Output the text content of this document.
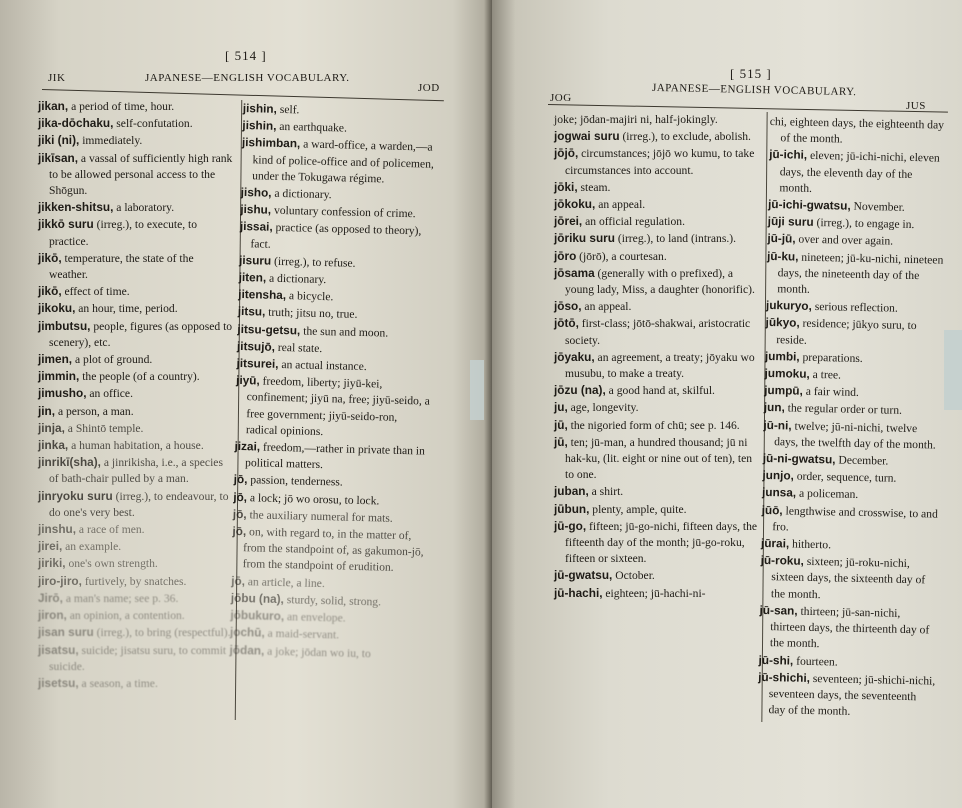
[ 514 ]
JIK	JAPANESE—ENGLISH VOCABULARY.
JOD

jikan, a period of time, hour.

jika-dōchaku, self-confutation.

jiki (ni), immediately.

jikīsan, a vassal of sufficiently high rank to be allowed personal access to the Shōgun.

jikken-shitsu, a laboratory.

jikkō suru (irreg.), to execute, to practice.

jikō, temperature, the state of the weather.

jikō, effect of time.

jikoku, an hour, time, period.

jimbutsu, people, figures (as opposed to scenery), etc.

jimen, a plot of ground.

jimmin, the people (of a country).

jimusho, an office.

jin, a person, a man.

jinja, a Shintō temple.

jinka, a human habitation, a house.

jinrikī(sha), a jinrikisha, i.e., a species of bath-chair pulled by a man.

jinryoku suru (irreg.), to endeavour, to do one's very best.

jinshu, a race of men.

jirei, an example.

jiriki, one's own strength.

jiro-jiro, furtively, by snatches.

Jirō, a man's name; see p. 36.

jiron, an opinion, a contention.

jisan suru (irreg.), to bring (respectful).

jisatsu, suicide; jisatsu suru, to commit suicide.

jisetsu, a season, a time.

jishin, self.

jishin, an earthquake.

jishimban, a ward-office, a warden,—a kind of police-office and of policemen, under the Tokugawa régime.

jisho, a dictionary.

jishu, voluntary confession of crime.

jissai, practice (as opposed to theory), fact.

jisuru (irreg.), to refuse.

jiten, a dictionary.

jitensha, a bicycle.

jitsu, truth; jitsu no, true.

jitsu-getsu, the sun and moon.

jitsujō, real state.

jitsurei, an actual instance.

jiyū, freedom, liberty; jiyū-kei, confinement; jiyū na, free; jiyū-seido, a free government; jiyū-seido-ron, radical opinions.

jizai, freedom,—rather in private than in political matters.

jō, passion, tenderness.

jō, a lock; jō wo orosu, to lock.

jō, the auxiliary numeral for mats.

jō, on, with regard to, in the matter of, from the standpoint of, as gakumon-jō, from the standpoint of erudition.

jō, an article, a line.

jōbu (na), sturdy, solid, strong.

jōbukuro, an envelope.

jochū, a maid-servant.

jōdan, a joke; jōdan wo iu, to

[ 515 ]
JOG	JAPANESE—ENGLISH VOCABULARY.
JUS

joke; jōdan-majiri ni, half-jokingly.

jogwai suru (irreg.), to exclude, abolish.

jōjō, circumstances; jōjō wo kumu, to take circumstances into account.

jōki, steam.

jōkoku, an appeal.

jōrei, an official regulation.

jōriku suru (irreg.), to land (intrans.).

jōro (jōrō), a courtesan.

jōsama (generally with o prefixed), a young lady, Miss, a daughter (honorific).

jōso, an appeal.

jōtō, first-class; jōtō-shakwai, aristocratic society.

jōyaku, an agreement, a treaty; jōyaku wo musubu, to make a treaty.

jōzu (na), a good hand at, skilful.

ju, age, longevity.

jū, the nigoried form of chū; see p. 146.

jū, ten; jū-man, a hundred thousand; jū ni hak-ku, (lit. eight or nine out of ten), ten to one.

juban, a shirt.

jūbun, plenty, ample, quite.

jū-go, fifteen; jū-go-nichi, fifteen days, the fifteenth day of the month; jū-go-roku, fifteen or sixteen.

jū-gwatsu, October.

jū-hachi, eighteen; jū-hachi-ni-

chi, eighteen days, the eighteenth day of the month.

jū-ichi, eleven; jū-ichi-nichi, eleven days, the eleventh day of the month.

jū-ichi-gwatsu, November.

jūji suru (irreg.), to engage in.

jū-jū, over and over again.

jū-ku, nineteen; jū-ku-nichi, nineteen days, the nineteenth day of the month.

jukuryo, serious reflection.

jūkyo, residence; jūkyo suru, to reside.

jumbi, preparations.

jumoku, a tree.

jumpū, a fair wind.

jun, the regular order or turn.

jū-ni, twelve; jū-ni-nichi, twelve days, the twelfth day of the month.

jū-ni-gwatsu, December.

junjo, order, sequence, turn.

junsa, a policeman.

jūō, lengthwise and crosswise, to and fro.

jūrai, hitherto.

jū-roku, sixteen; jū-roku-nichi, sixteen days, the sixteenth day of the month.

jū-san, thirteen; jū-san-nichi, thirteen days, the thirteenth day of the month.

jū-shi, fourteen.

jū-shichi, seventeen; jū-shichi-nichi, seventeen days, the seventeenth day of the month.
